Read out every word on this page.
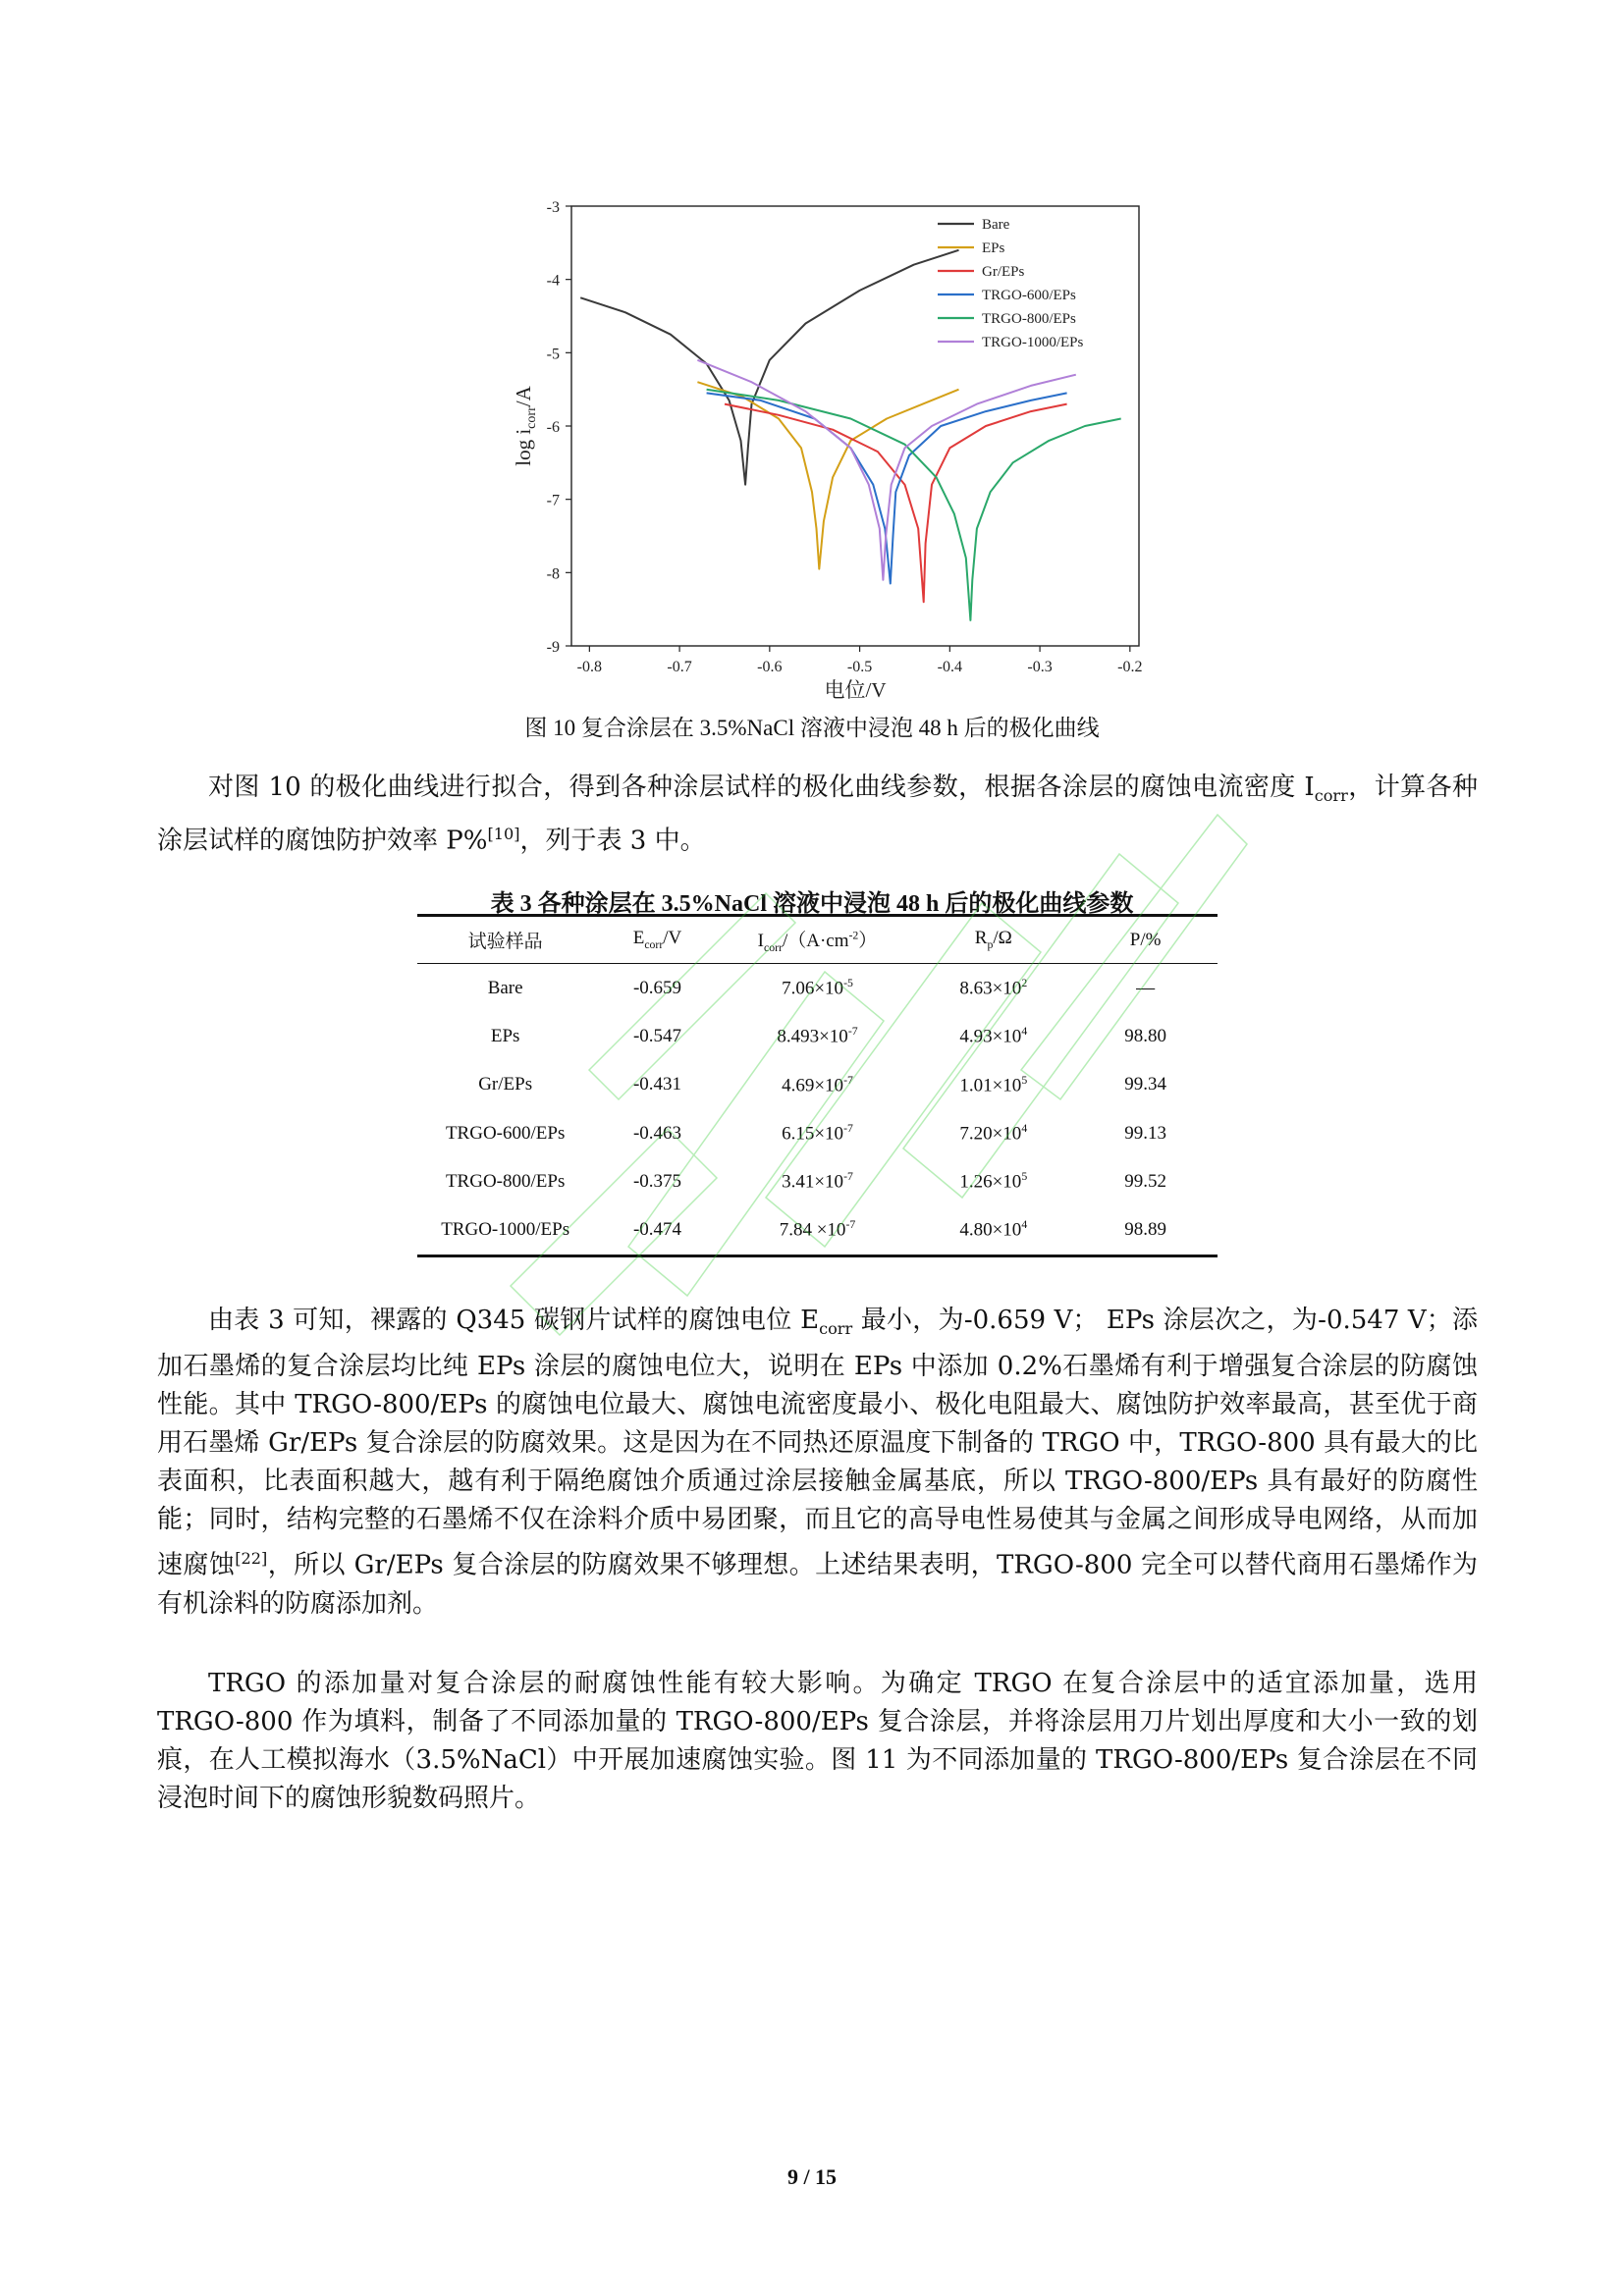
-0.8	-0.7	-0.6	-0.5	-0.4	-0.3	-0.2
-9
-8
-7
-6
-5
-4
-3
电位/V
$\log i_{corr}/A$
Bare
EPs
Gr/EPs
TRGO-600/EPs
TRGO-800/EPs
TRGO-1000/EPs
图 10 复合涂层在 3.5%NaCl 溶液中浸泡 48 h 后的极化曲线

对图 10 的极化曲线进行拟合，得到各种涂层试样的极化曲线参数，根据各涂层的腐蚀电流密度 $I_{corr}$，计算各种涂层试样的腐蚀防护效率 P%[10]，列于表 3 中。

表 3 各种涂层在 3.5%NaCl 溶液中浸泡 48 h 后的极化曲线参数
试验样品	$E_{corr}/V$	$I_{corr}/(A\cdot cm^{-2})$	$R_p/\Omega$	P/%
Bare	-0.659	$7.06\times 10^{-5}$	$8.63\times 10^2$	—
EPs	-0.547	$8.493\times 10^{-7}$	$4.93\times 10^4$	98.80
Gr/EPs	-0.431	$4.69\times 10^{-7}$	$1.01\times 10^5$	99.34
TRGO-600/EPs	-0.463	$6.15\times 10^{-7}$	$7.20\times 10^4$	99.13
TRGO-800/EPs	-0.375	$3.41\times 10^{-7}$	$1.26\times 10^5$	99.52
TRGO-1000/EPs	-0.474	$7.84 \times 10^{-7}$	$4.80\times 10^4$	98.89

由表 3 可知，裸露的 Q345 碳钢片试样的腐蚀电位 $E_{corr}$ 最小，为-0.659 V； EPs 涂层次之，为-0.547 V；添加石墨烯的复合涂层均比纯 EPs 涂层的腐蚀电位大，说明在 EPs 中添加 0.2%石墨烯有利于增强复合涂层的防腐蚀性能。其中 TRGO-800/EPs 的腐蚀电位最大、腐蚀电流密度最小、极化电阻最大、腐蚀防护效率最高，甚至优于商用石墨烯 Gr/EPs 复合涂层的防腐效果。这是因为在不同热还原温度下制备的 TRGO 中，TRGO-800 具有最大的比表面积，比表面积越大，越有利于隔绝腐蚀介质通过涂层接触金属基底，所以 TRGO-800/EPs 具有最好的防腐性能；同时，结构完整的石墨烯不仅在涂料介质中易团聚，而且它的高导电性易使其与金属之间形成导电网络，从而加速腐蚀[22]，所以 Gr/EPs 复合涂层的防腐效果不够理想。上述结果表明，TRGO-800 完全可以替代商用石墨烯作为有机涂料的防腐添加剂。

TRGO 的添加量对复合涂层的耐腐蚀性能有较大影响。为确定 TRGO 在复合涂层中的适宜添加量，选用 TRGO-800 作为填料，制备了不同添加量的 TRGO-800/EPs 复合涂层，并将涂层用刀片划出厚度和大小一致的划痕，在人工模拟海水（3.5%NaCl）中开展加速腐蚀实验。图 11 为不同添加量的 TRGO-800/EPs 复合涂层在不同浸泡时间下的腐蚀形貌数码照片。

9 / 15
